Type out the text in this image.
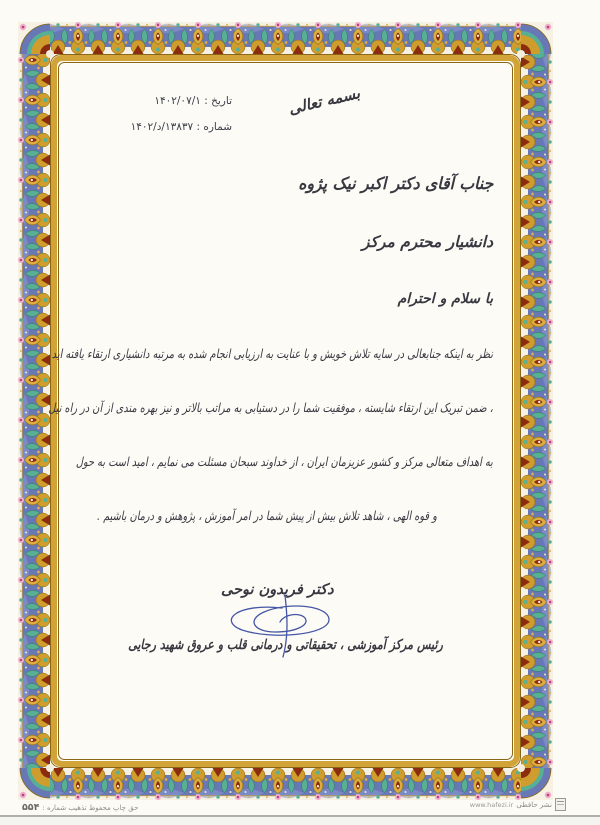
تاریخ : ۱۴۰۲/۰۷/۱
شماره : ۱۳۸۳۷/د/۱۴۰۲
بسمه تعالی
جناب آقای دکتر اکبر نیک پژوه
دانشیار محترم مرکز
با سلام و احترام
نظر به اینکه جنابعالی در سایه تلاش خویش و با عنایت به ارزیابی انجام شده به مرتبه دانشیاری ارتقاء یافته اید
، ضمن تبریک این ارتقاء شایسته ، موفقیت شما را در دستیابی به مراتب بالاتر و نیز بهره مندی از آن در راه نیل
به اهداف متعالی مرکز و کشور عزیزمان ایران ، از خداوند سبحان مسئلت می نمایم ، امید است به حول
و قوه الهی ، شاهد تلاش بیش از پیش شما در امر آموزش ، پژوهش و درمان باشیم .
دکتر فریدون نوحی
رئیس مرکز آموزشی ، تحقیقاتی و درمانی قلب و عروق شهید رجایی
حق چاپ محفوظ تذهیب شماره :
۵۵۴	نشر حافظی
www.hafezi.ir
